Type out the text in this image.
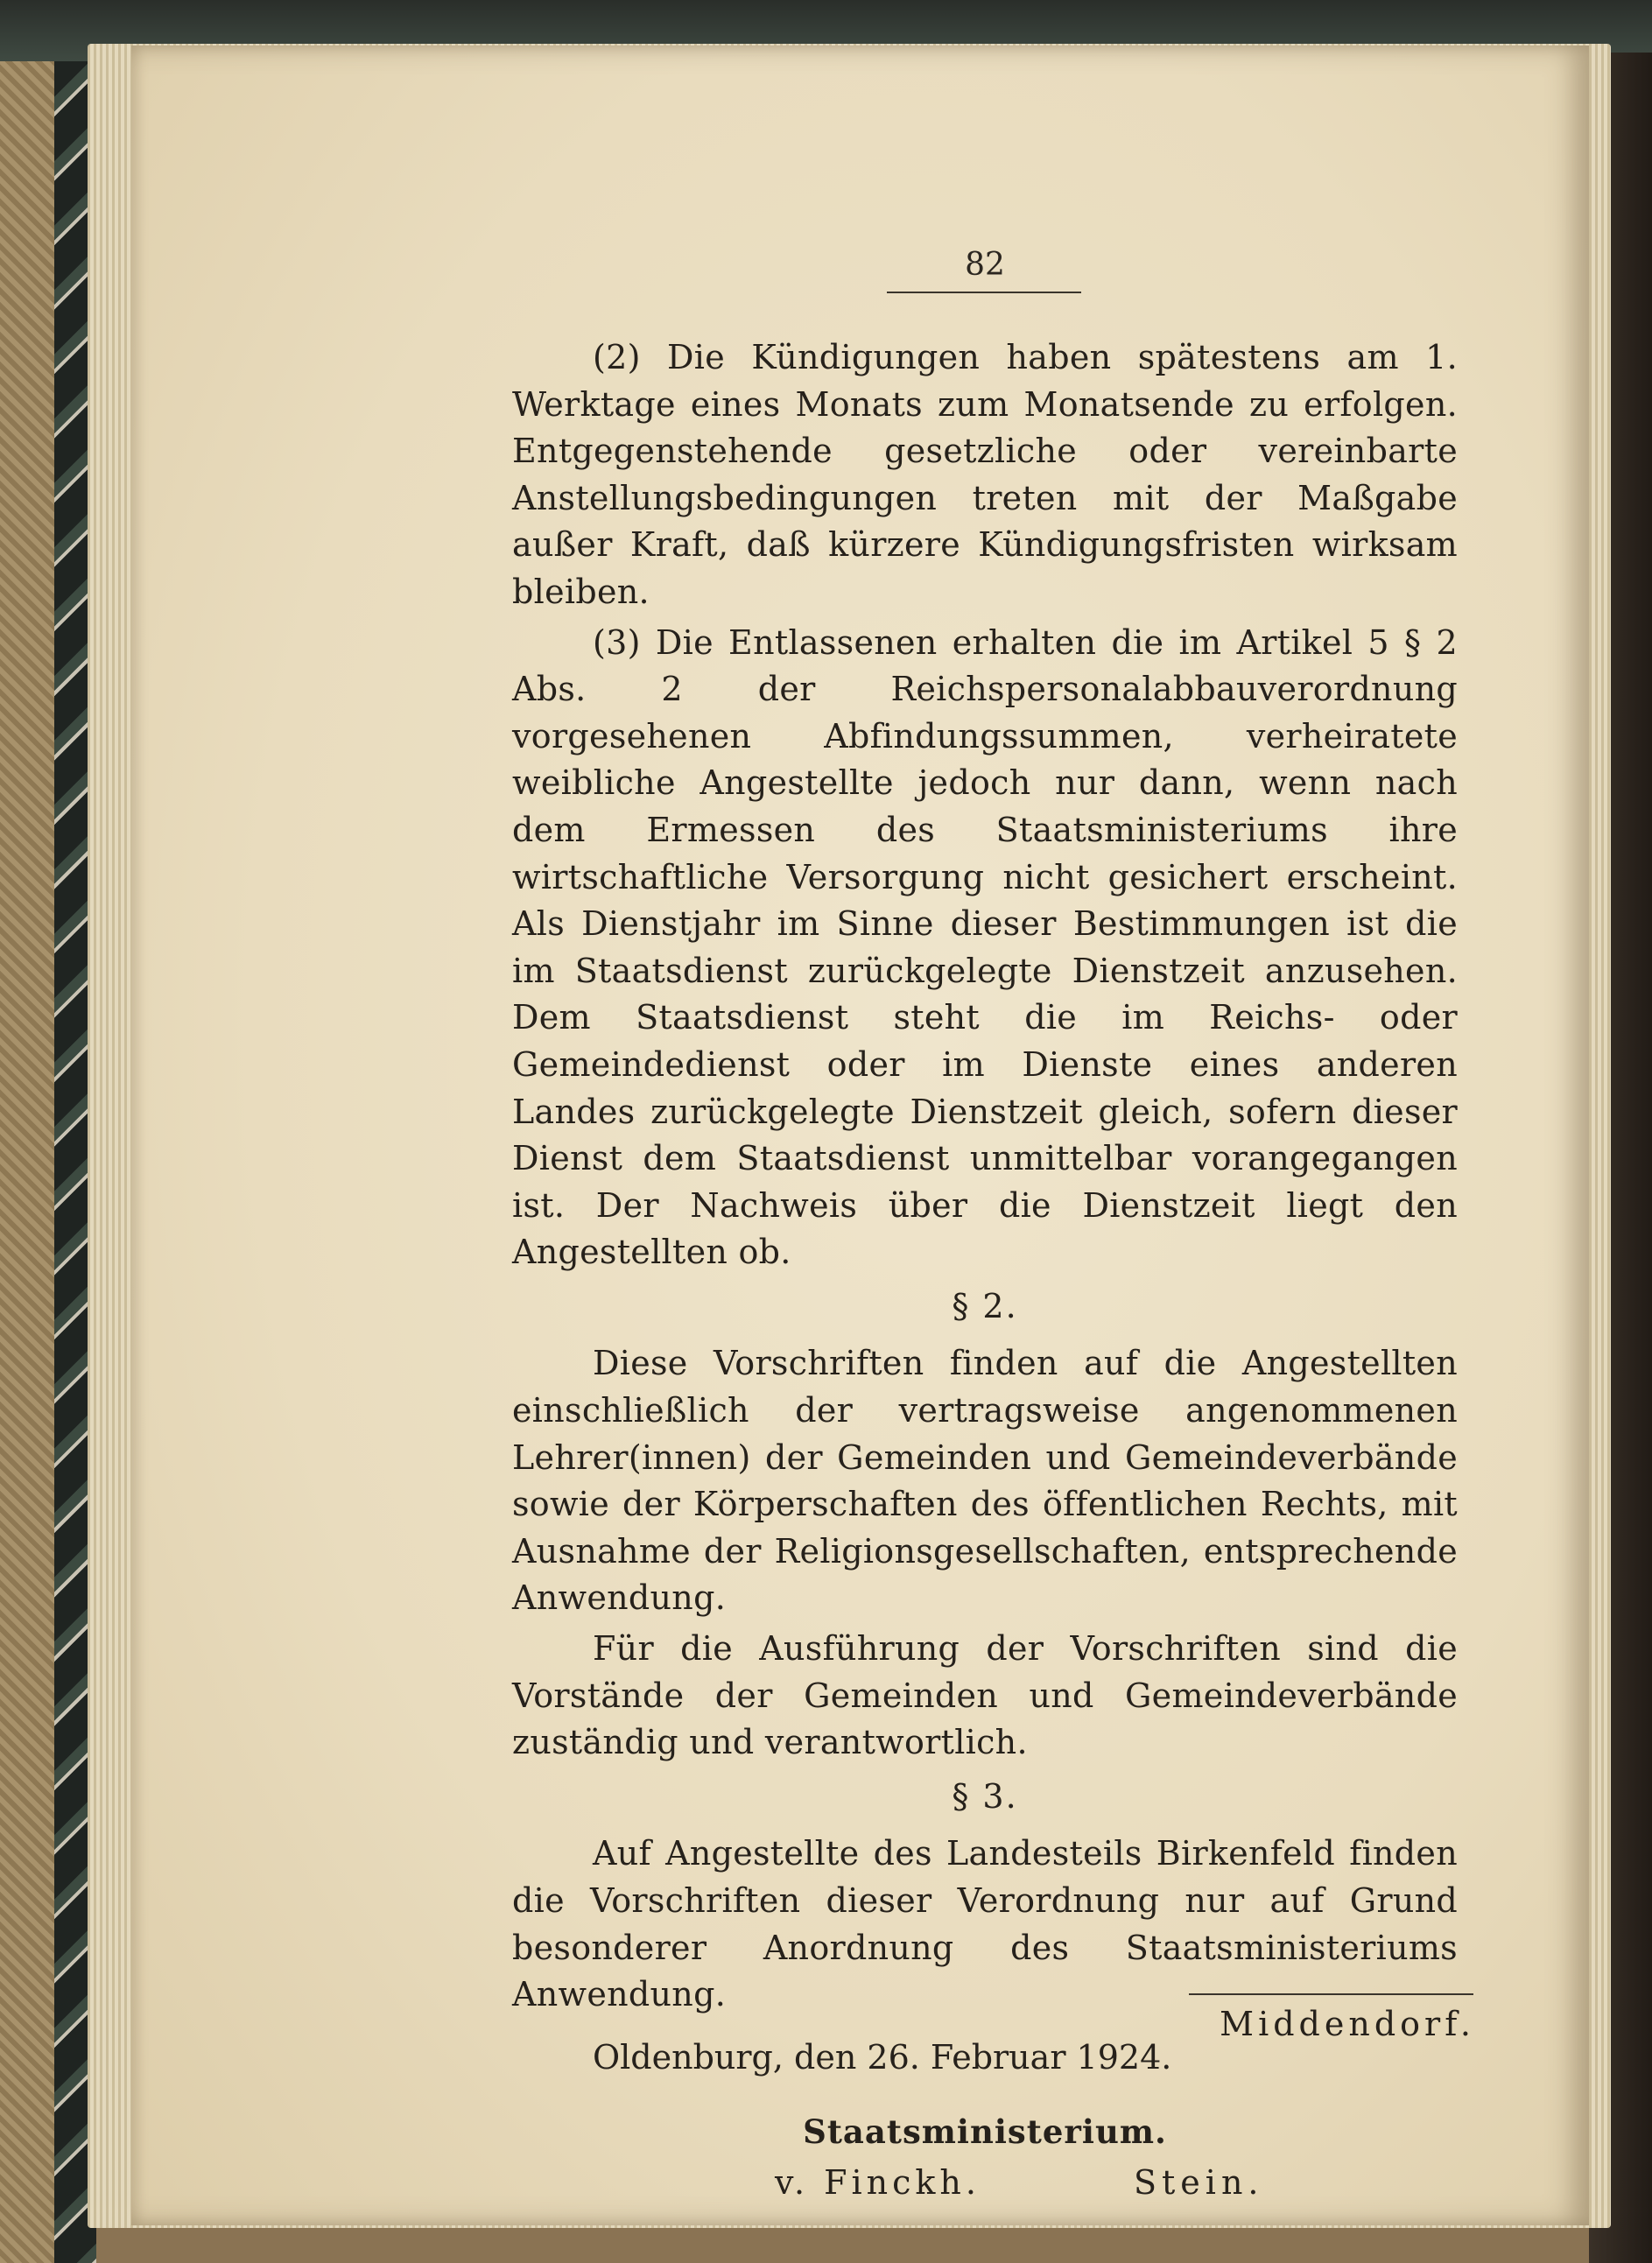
82

(2) Die Kündigungen haben spätestens am 1. Werktage eines Monats zum Monatsende zu erfolgen. Entgegenstehende gesetzliche oder vereinbarte Anstellungsbedingungen treten mit der Maßgabe außer Kraft, daß kürzere Kündigungsfristen wirksam bleiben.

(3) Die Entlassenen erhalten die im Artikel 5 § 2 Abs. 2 der Reichspersonalabbauverordnung vorgesehenen Abfindungssummen, verheiratete weibliche Angestellte jedoch nur dann, wenn nach dem Ermessen des Staatsministeriums ihre wirtschaftliche Versorgung nicht gesichert erscheint. Als Dienstjahr im Sinne dieser Bestimmungen ist die im Staatsdienst zurückgelegte Dienstzeit anzusehen. Dem Staatsdienst steht die im Reichs- oder Gemeindedienst oder im Dienste eines anderen Landes zurückgelegte Dienstzeit gleich, sofern dieser Dienst dem Staatsdienst unmittelbar vorangegangen ist. Der Nachweis über die Dienstzeit liegt den Angestellten ob.

§ 2.

Diese Vorschriften finden auf die Angestellten einschließlich der vertragsweise angenommenen Lehrer(innen) der Gemeinden und Gemeindeverbände sowie der Körperschaften des öffentlichen Rechts, mit Ausnahme der Religionsgesellschaften, entsprechende Anwendung.

Für die Ausführung der Vorschriften sind die Vorstände der Gemeinden und Gemeindeverbände zuständig und verantwortlich.

§ 3.

Auf Angestellte des Landesteils Birkenfeld finden die Vorschriften dieser Verordnung nur auf Grund besonderer Anordnung des Staatsministeriums Anwendung.

Oldenburg, den 26. Februar 1924.

Staatsministerium.
v. Finckh.	Stein.
Middendorf.
